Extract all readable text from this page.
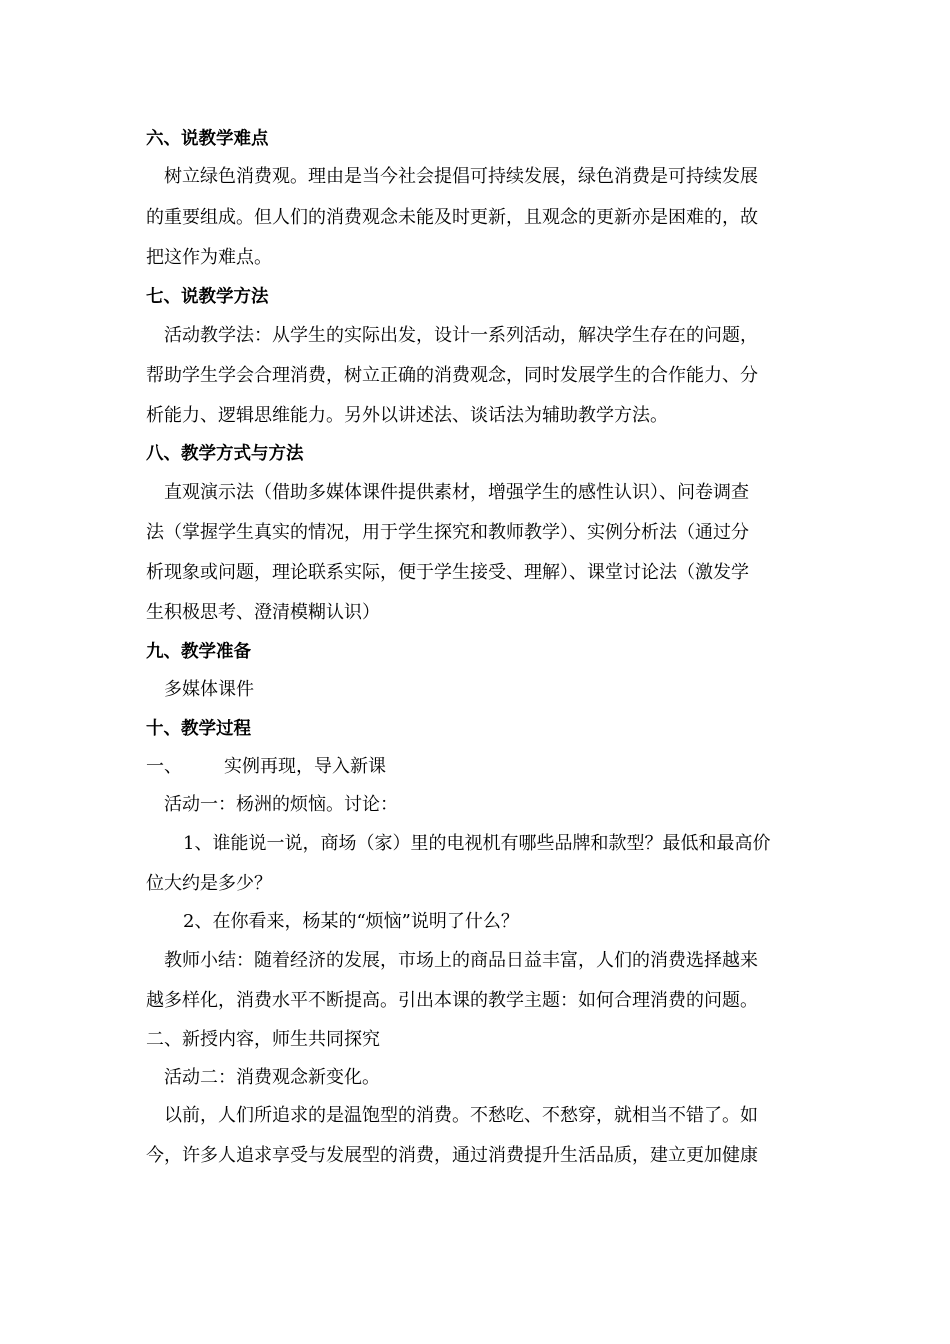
六、说教学难点
树立绿色消费观。理由是当今社会提倡可持续发展，绿色消费是可持续发展
的重要组成。但人们的消费观念未能及时更新，且观念的更新亦是困难的，故
把这作为难点。
七、说教学方法
活动教学法：从学生的实际出发，设计一系列活动，解决学生存在的问题，
帮助学生学会合理消费，树立正确的消费观念，同时发展学生的合作能力、分
析能力、逻辑思维能力。另外以讲述法、谈话法为辅助教学方法。
八、教学方式与方法
直观演示法（借助多媒体课件提供素材，增强学生的感性认识）、问卷调查
法（掌握学生真实的情况，用于学生探究和教师教学）、实例分析法（通过分
析现象或问题，理论联系实际，便于学生接受、理解）、课堂讨论法（激发学
生积极思考、澄清模糊认识）
九、教学准备
多媒体课件
十、教学过程
一、 实例再现，导入新课
活动一：杨洲的烦恼。讨论：
1、谁能说一说，商场（家）里的电视机有哪些品牌和款型？最低和最高价
位大约是多少？
2、在你看来，杨某的“烦恼”说明了什么？
教师小结：随着经济的发展，市场上的商品日益丰富，人们的消费选择越来
越多样化，消费水平不断提高。引出本课的教学主题：如何合理消费的问题。
二、新授内容，师生共同探究
活动二：消费观念新变化。
以前，人们所追求的是温饱型的消费。不愁吃、不愁穿，就相当不错了。如
今，许多人追求享受与发展型的消费，通过消费提升生活品质，建立更加健康
